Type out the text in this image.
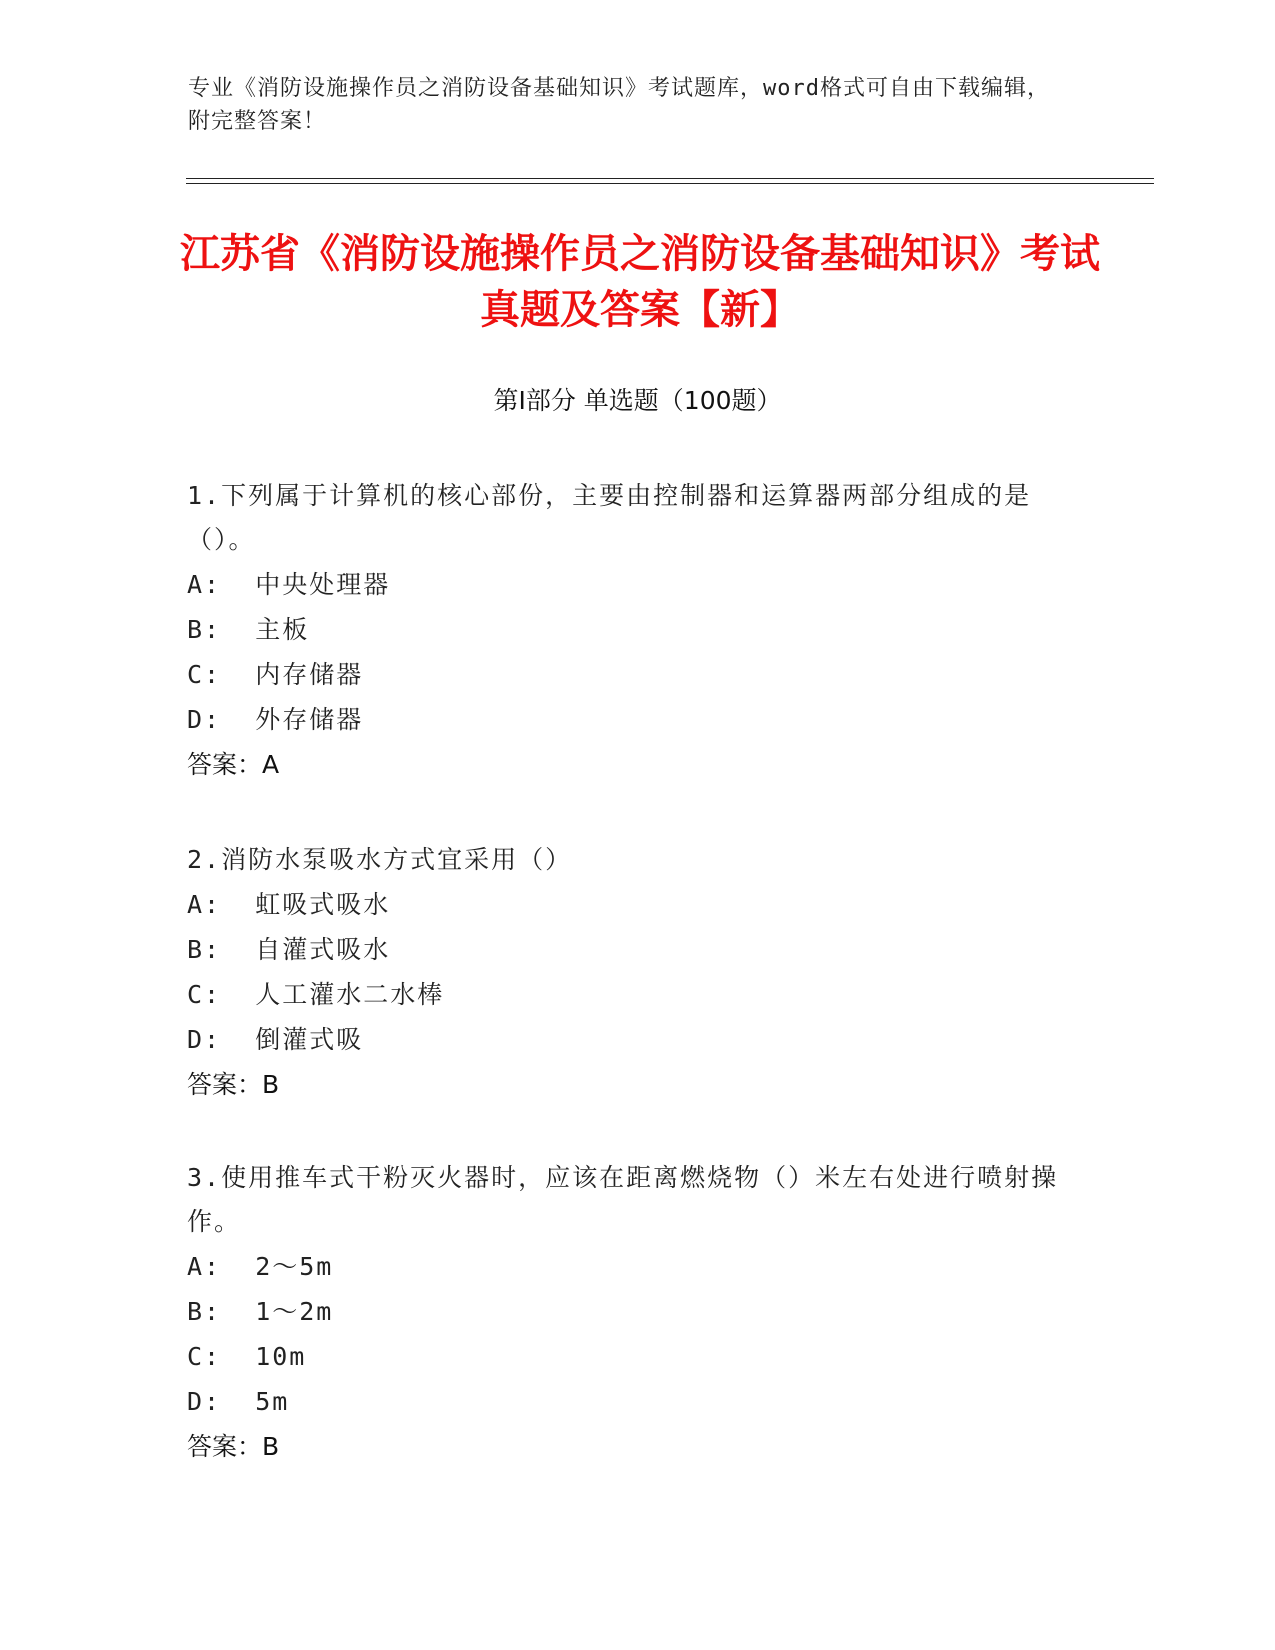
专业《消防设施操作员之消防设备基础知识》考试题库，word格式可自由下载编辑，附完整答案！
江苏省《消防设施操作员之消防设备基础知识》考试真题及答案【新】
第Ⅰ部分 单选题（100题）
1.下列属于计算机的核心部份，主要由控制器和运算器两部分组成的是（）。
A:  中央处理器
B:  主板
C:  内存储器
D:  外存储器
答案：A
2.消防水泵吸水方式宜采用（）
A:  虹吸式吸水
B:  自灌式吸水
C:  人工灌水二水棒
D:  倒灌式吸
答案：B
3.使用推车式干粉灭火器时，应该在距离燃烧物（）米左右处进行喷射操作。
A:  2～5m
B:  1～2m
C:  10m
D:  5m
答案：B
